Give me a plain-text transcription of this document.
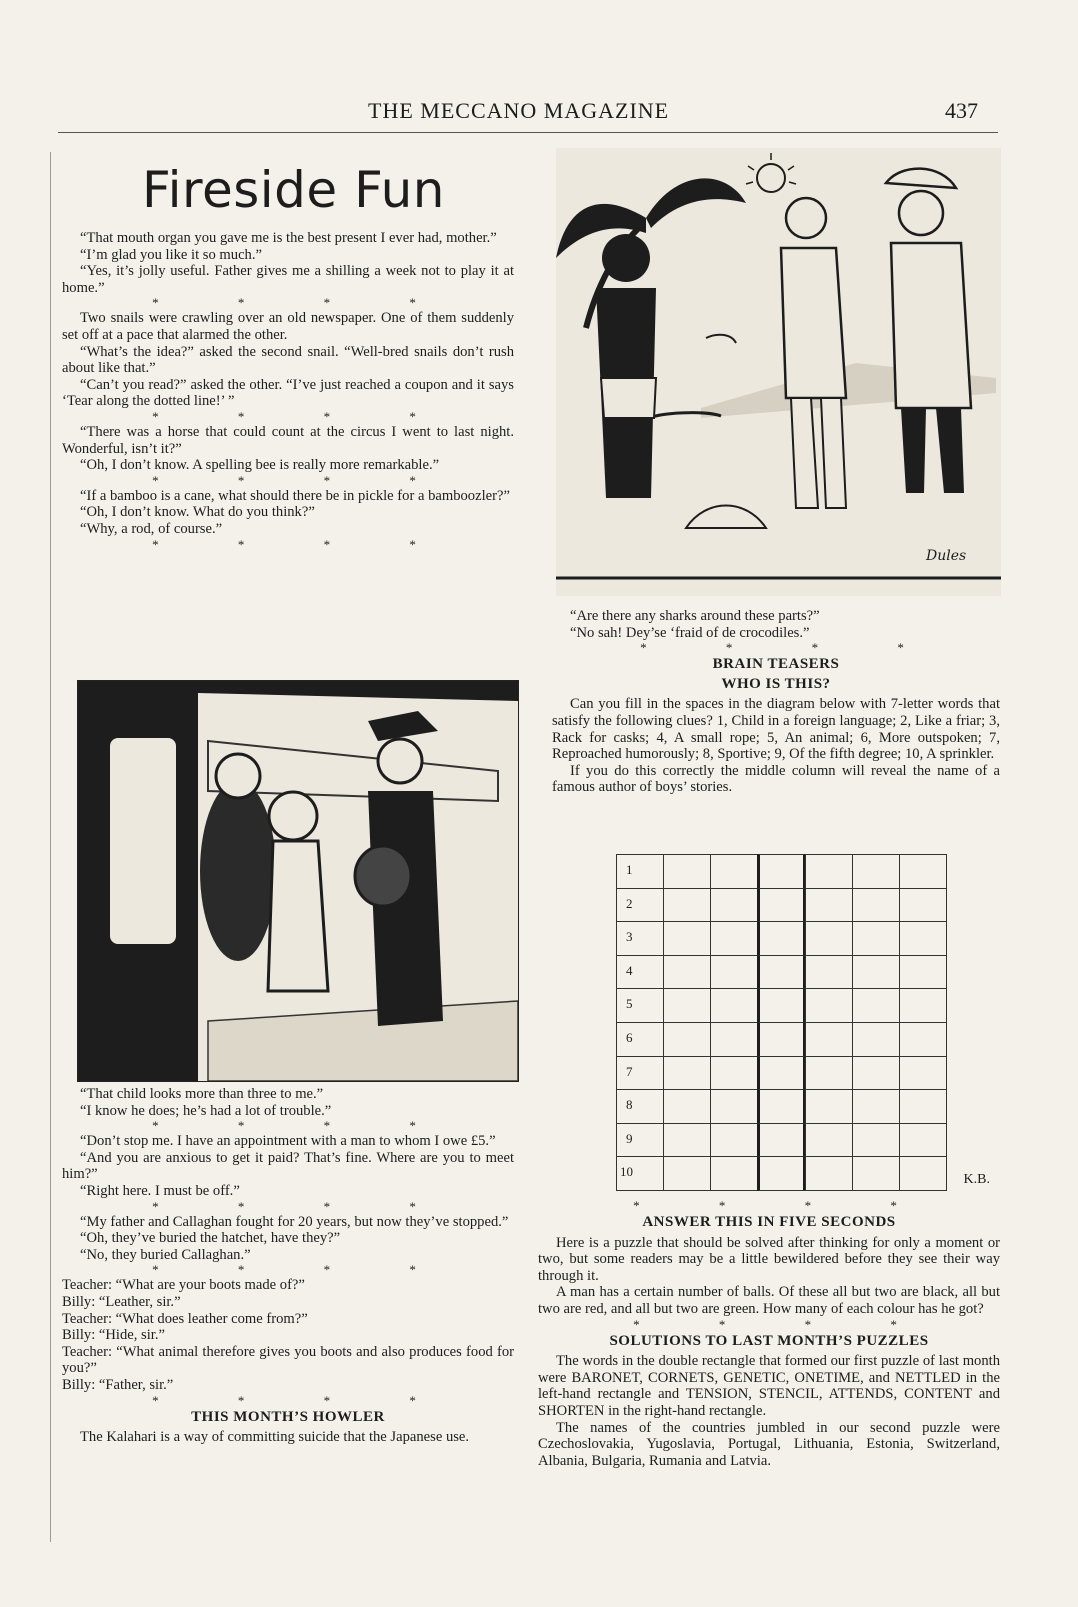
THE MECCANO MAGAZINE	437
Fireside Fun

“That mouth organ you gave me is the best present I ever had, mother.”

“I’m glad you like it so much.”

“Yes, it’s jolly useful. Father gives me a shilling a week not to play it at home.”

* * * *

Two snails were crawling over an old newspaper. One of them suddenly set off at a pace that alarmed the other.

“What’s the idea?” asked the second snail. “Well-bred snails don’t rush about like that.”

“Can’t you read?” asked the other. “I’ve just reached a coupon and it says ‘Tear along the dotted line!’ ”

* * * *

“There was a horse that could count at the circus I went to last night. Wonderful, isn’t it?”

“Oh, I don’t know. A spelling bee is really more remarkable.”

* * * *

“If a bamboo is a cane, what should there be in pickle for a bamboozler?”

“Oh, I don’t know. What do you think?”

“Why, a rod, of course.”

* * * *
Dules

“That child looks more than three to me.”

“I know he does; he’s had a lot of trouble.”

* * * *

“Don’t stop me. I have an appointment with a man to whom I owe £5.”

“And you are anxious to get it paid? That’s fine. Where are you to meet him?”

“Right here. I must be off.”

* * * *

“My father and Callaghan fought for 20 years, but now they’ve stopped.”

“Oh, they’ve buried the hatchet, have they?”

“No, they buried Callaghan.”

* * * *

Teacher: “What are your boots made of?”

Billy: “Leather, sir.”

Teacher: “What does leather come from?”

Billy: “Hide, sir.”

Teacher: “What animal therefore gives you boots and also produces food for you?”

Billy: “Father, sir.”

* * * *
THIS MONTH’S HOWLER

The Kalahari is a way of committing suicide that the Japanese use.

Dules

“Are there any sharks around these parts?”

“No sah! Dey’se ‘fraid of de crocodiles.”

* * * *
BRAIN TEASERS
WHO IS THIS?

Can you fill in the spaces in the diagram below with 7-letter words that satisfy the following clues? 1, Child in a foreign language; 2, Like a friar; 3, Rack for casks; 4, A small rope; 5, An animal; 6, More outspoken; 7, Reproached humorously; 8, Sportive; 9, Of the fifth degree; 10, A sprinkler.

If you do this correctly the middle column will reveal the name of a famous author of boys’ stories.

1
2
3
4
5
6
7
8
9
10
K.B.
* * * *
ANSWER THIS IN FIVE SECONDS

Here is a puzzle that should be solved after thinking for only a moment or two, but some readers may be a little bewildered before they see their way through it.

A man has a certain number of balls. Of these all but two are black, all but two are red, and all but two are green. How many of each colour has he got?

* * * *
SOLUTIONS TO LAST MONTH’S PUZZLES

The words in the double rectangle that formed our first puzzle of last month were BARONET, CORNETS, GENETIC, ONETIME, and NETTLED in the left-hand rectangle and TENSION, STENCIL, ATTENDS, CONTENT and SHORTEN in the right-hand rectangle.

The names of the countries jumbled in our second puzzle were Czechoslovakia, Yugoslavia, Portugal, Lithuania, Estonia, Switzerland, Albania, Bulgaria, Rumania and Latvia.
